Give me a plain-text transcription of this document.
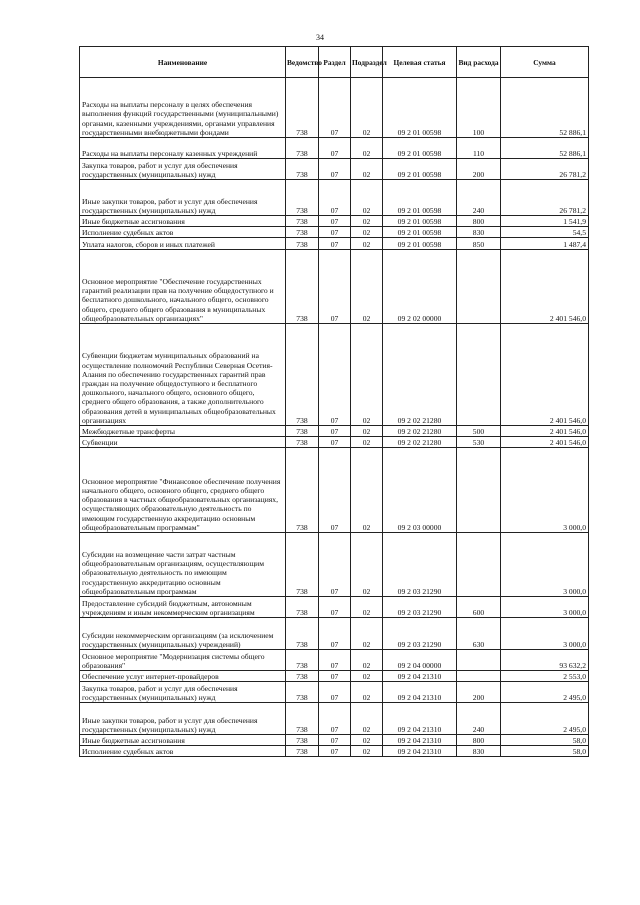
34
Наименование	Ведомство	Раздел	Подраздел	Целевая статья	Вид расхода	Сумма
Расходы на выплаты персоналу в целях обеспечения выполнения функций государственными (муниципальными) органами, казенными учреждениями, органами управления государственными внебюджетными фондами	738	07	02	09 2 01 00598	100	52 886,1
Расходы на выплаты персоналу казенных учреждений	738	07	02	09 2 01 00598	110	52 886,1
Закупка товаров, работ и услуг для обеспечения государственных (муниципальных) нужд	738	07	02	09 2 01 00598	200	26 781,2
Иные закупки товаров, работ и услуг для обеспечения государственных (муниципальных) нужд	738	07	02	09 2 01 00598	240	26 781,2
Иные бюджетные ассигнования	738	07	02	09 2 01 00598	800	1 541,9
Исполнение судебных актов	738	07	02	09 2 01 00598	830	54,5
Уплата налогов, сборов и иных платежей	738	07	02	09 2 01 00598	850	1 487,4
Основное мероприятие "Обеспечение государственных гарантий реализации прав на получение общедоступного и бесплатного дошкольного, начального общего, основного общего, среднего общего образования в муниципальных общеобразовательных организациях"	738	07	02	09 2 02 00000		2 401 546,0
Субвенции бюджетам муниципальных образований на осуществление полномочий Республики Северная Осетия-Алания по обеспечению государственных гарантий прав граждан на получение общедоступного и бесплатного дошкольного, начального общего, основного общего, среднего общего образования, а также дополнительного образования детей в муниципальных общеобразовательных организациях	738	07	02	09 2 02 21280		2 401 546,0
Межбюджетные трансферты	738	07	02	09 2 02 21280	500	2 401 546,0
Субвенции	738	07	02	09 2 02 21280	530	2 401 546,0
Основное мероприятие "Финансовое обеспечение получения начального общего, основного общего, среднего общего образования в частных общеобразовательных организациях, осуществляющих образовательную деятельность по имеющим государственную аккредитацию основным общеобразовательным программам"	738	07	02	09 2 03 00000		3 000,0
Субсидии на возмещение части затрат частным общеобразовательным организациям, осуществляющим образовательную деятельность по имеющим государственную аккредитацию основным общеобразовательным программам	738	07	02	09 2 03 21290		3 000,0
Предоставление субсидий бюджетным, автономным учреждениям и иным некоммерческим организациям	738	07	02	09 2 03 21290	600	3 000,0
Субсидии некоммерческим организациям (за исключением государственных (муниципальных) учреждений)	738	07	02	09 2 03 21290	630	3 000,0
Основное мероприятие "Модернизация системы общего образования"	738	07	02	09 2 04 00000		93 632,2
Обеспечение услуг интернет-провайдеров	738	07	02	09 2 04 21310		2 553,0
Закупка товаров, работ и услуг для обеспечения государственных (муниципальных) нужд	738	07	02	09 2 04 21310	200	2 495,0
Иные закупки товаров, работ и услуг для обеспечения государственных (муниципальных) нужд	738	07	02	09 2 04 21310	240	2 495,0
Иные бюджетные ассигнования	738	07	02	09 2 04 21310	800	58,0
Исполнение судебных актов	738	07	02	09 2 04 21310	830	58,0
